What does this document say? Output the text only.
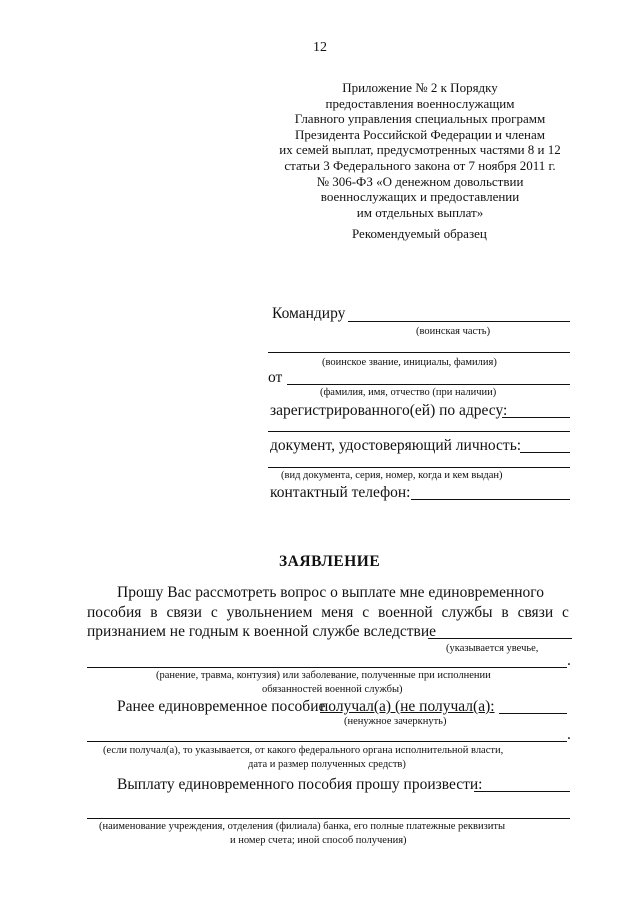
12
Приложение № 2 к Порядку
предоставления военнослужащим
Главного управления специальных программ
Президента Российской Федерации и членам
их семей выплат, предусмотренных частями 8 и 12
статьи 3 Федерального закона от 7 ноября 2011 г.
№ 306-ФЗ «О денежном довольствии
военнослужащих и предоставлении
им отдельных выплат»
Рекомендуемый образец
Командиру
(воинская часть)
(воинское звание, инициалы, фамилия)
от
(фамилия, имя, отчество (при наличии)
зарегистрированного(ей) по адресу:
документ, удостоверяющий личность:
(вид документа, серия, номер, когда и кем выдан)
контактный телефон:
ЗАЯВЛЕНИЕ
Прошу Вас рассмотреть вопрос о выплате мне единовременного
пособия в связи с увольнением меня с военной службы в связи с
признанием не годным к военной службе вследствие
(указывается увечье,
.
(ранение, травма, контузия) или заболевание, полученные при исполнении
обязанностей военной службы)
Ранее единовременное пособие
получал(а) (не получал(а):
(ненужное зачеркнуть)
.
(если получал(а), то указывается, от какого федерального органа исполнительной власти,
дата и размер полученных средств)
Выплату единовременного пособия прошу произвести:
(наименование учреждения, отделения (филиала) банка, его полные платежные реквизиты
и номер счета; иной способ получения)
